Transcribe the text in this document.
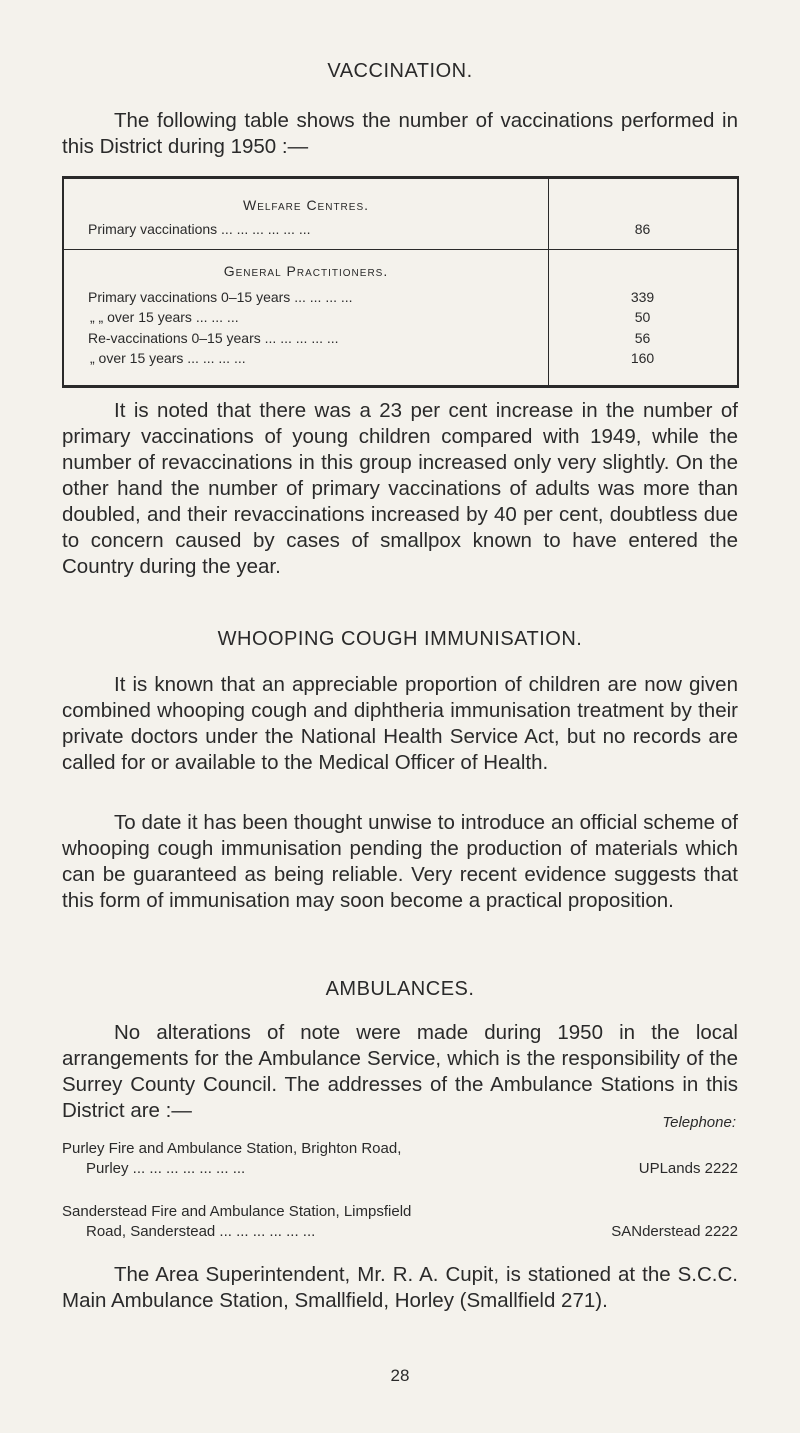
VACCINATION.
The following table shows the number of vaccinations performed in this District during 1950 :—
Welfare Centres.
Primary vaccinations ... ... ... ... ... ...	86
General Practitioners.
Primary vaccinations 0–15 years ... ... ... ...	339
„ „ over 15 years ... ... ...	50
Re-vaccinations 0–15 years ... ... ... ... ...	56
„ over 15 years ... ... ... ...	160
It is noted that there was a 23 per cent increase in the number of primary vaccinations of young children compared with 1949, while the number of revaccinations in this group increased only very slightly. On the other hand the number of primary vaccinations of adults was more than doubled, and their revaccinations increased by 40 per cent, doubtless due to concern caused by cases of smallpox known to have entered the Country during the year.
WHOOPING COUGH IMMUNISATION.
It is known that an appreciable proportion of children are now given combined whooping cough and diphtheria immunisation treatment by their private doctors under the National Health Service Act, but no records are called for or available to the Medical Officer of Health.
To date it has been thought unwise to introduce an official scheme of whooping cough immunisation pending the production of materials which can be guaranteed as being reliable. Very recent evidence suggests that this form of immunisation may soon become a practical proposition.
AMBULANCES.
No alterations of note were made during 1950 in the local arrangements for the Ambulance Service, which is the responsibility of the Surrey County Council. The addresses of the Ambulance Stations in this District are :—
Telephone:
Purley Fire and Ambulance Station, Brighton Road,
Purley ... ... ... ... ... ... ...	UPLands 2222
Sanderstead Fire and Ambulance Station, Limpsfield
Road, Sanderstead ... ... ... ... ... ...	SANderstead 2222
The Area Superintendent, Mr. R. A. Cupit, is stationed at the S.C.C. Main Ambulance Station, Smallfield, Horley (Smallfield 271).
28
